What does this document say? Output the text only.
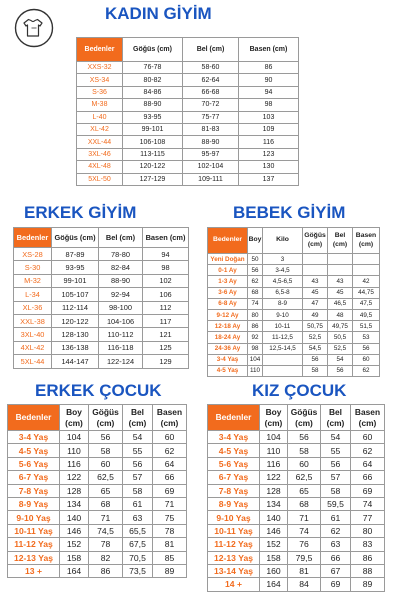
KADIN GİYİM
Bedenler	Göğüs (cm)	Bel (cm)	Basen (cm)
XXS-32	76-78	58-60	86
XS-34	80-82	62-64	90
S-36	84-86	66-68	94
M-38	88-90	70-72	98
L-40	93-95	75-77	103
XL-42	99-101	81-83	109
XXL-44	106-108	88-90	116
3XL-46	113-115	95-97	123
4XL-48	120-122	102-104	130
5XL-50	127-129	109-111	137
ERKEK GİYİM
Bedenler	Göğüs (cm)	Bel (cm)	Basen (cm)
XS-28	87-89	78-80	94
S-30	93-95	82-84	98
M-32	99-101	88-90	102
L-34	105-107	92-94	106
XL-36	112-114	98-100	112
XXL-38	120-122	104-106	117
3XL-40	128-130	110-112	121
4XL-42	136-138	116-118	125
5XL-44	144-147	122-124	129
BEBEK GİYİM
Bedenler	Boy	Kilo	Göğüs (cm)	Bel (cm)	Basen (cm)
Yeni Doğan	50	3			
0-1 Ay	56	3-4,5			
1-3 Ay	62	4,5-6,5	43	43	42
3-6 Ay	68	6,5-8	45	45	44,75
6-8 Ay	74	8-9	47	46,5	47,5
9-12 Ay	80	9-10	49	48	49,5
12-18 Ay	86	10-11	50,75	49,75	51,5
18-24 Ay	92	11-12,5	52,5	50,5	53
24-36 Ay	98	12,5-14,5	54,5	52,5	56
3-4 Yaş	104		56	54	60
4-5 Yaş	110		58	56	62
ERKEK ÇOCUK
Bedenler	Boy (cm)	Göğüs (cm)	Bel (cm)	Basen (cm)
3-4 Yaş	104	56	54	60
4-5 Yaş	110	58	55	62
5-6 Yaş	116	60	56	64
6-7 Yaş	122	62,5	57	66
7-8 Yaş	128	65	58	69
8-9 Yaş	134	68	61	71
9-10 Yaş	140	71	63	75
10-11 Yaş	146	74,5	65,5	78
11-12 Yaş	152	78	67,5	81
12-13 Yaş	158	82	70,5	85
13 +	164	86	73,5	89
KIZ ÇOCUK
Bedenler	Boy (cm)	Göğüs (cm)	Bel (cm)	Basen (cm)
3-4 Yaş	104	56	54	60
4-5 Yaş	110	58	55	62
5-6 Yaş	116	60	56	64
6-7 Yaş	122	62,5	57	66
7-8 Yaş	128	65	58	69
8-9 Yaş	134	68	59,5	74
9-10 Yaş	140	71	61	77
10-11 Yaş	146	74	62	80
11-12 Yaş	152	76	63	83
12-13 Yaş	158	79,5	66	86
13-14 Yaş	160	81	67	88
14 +	164	84	69	89
